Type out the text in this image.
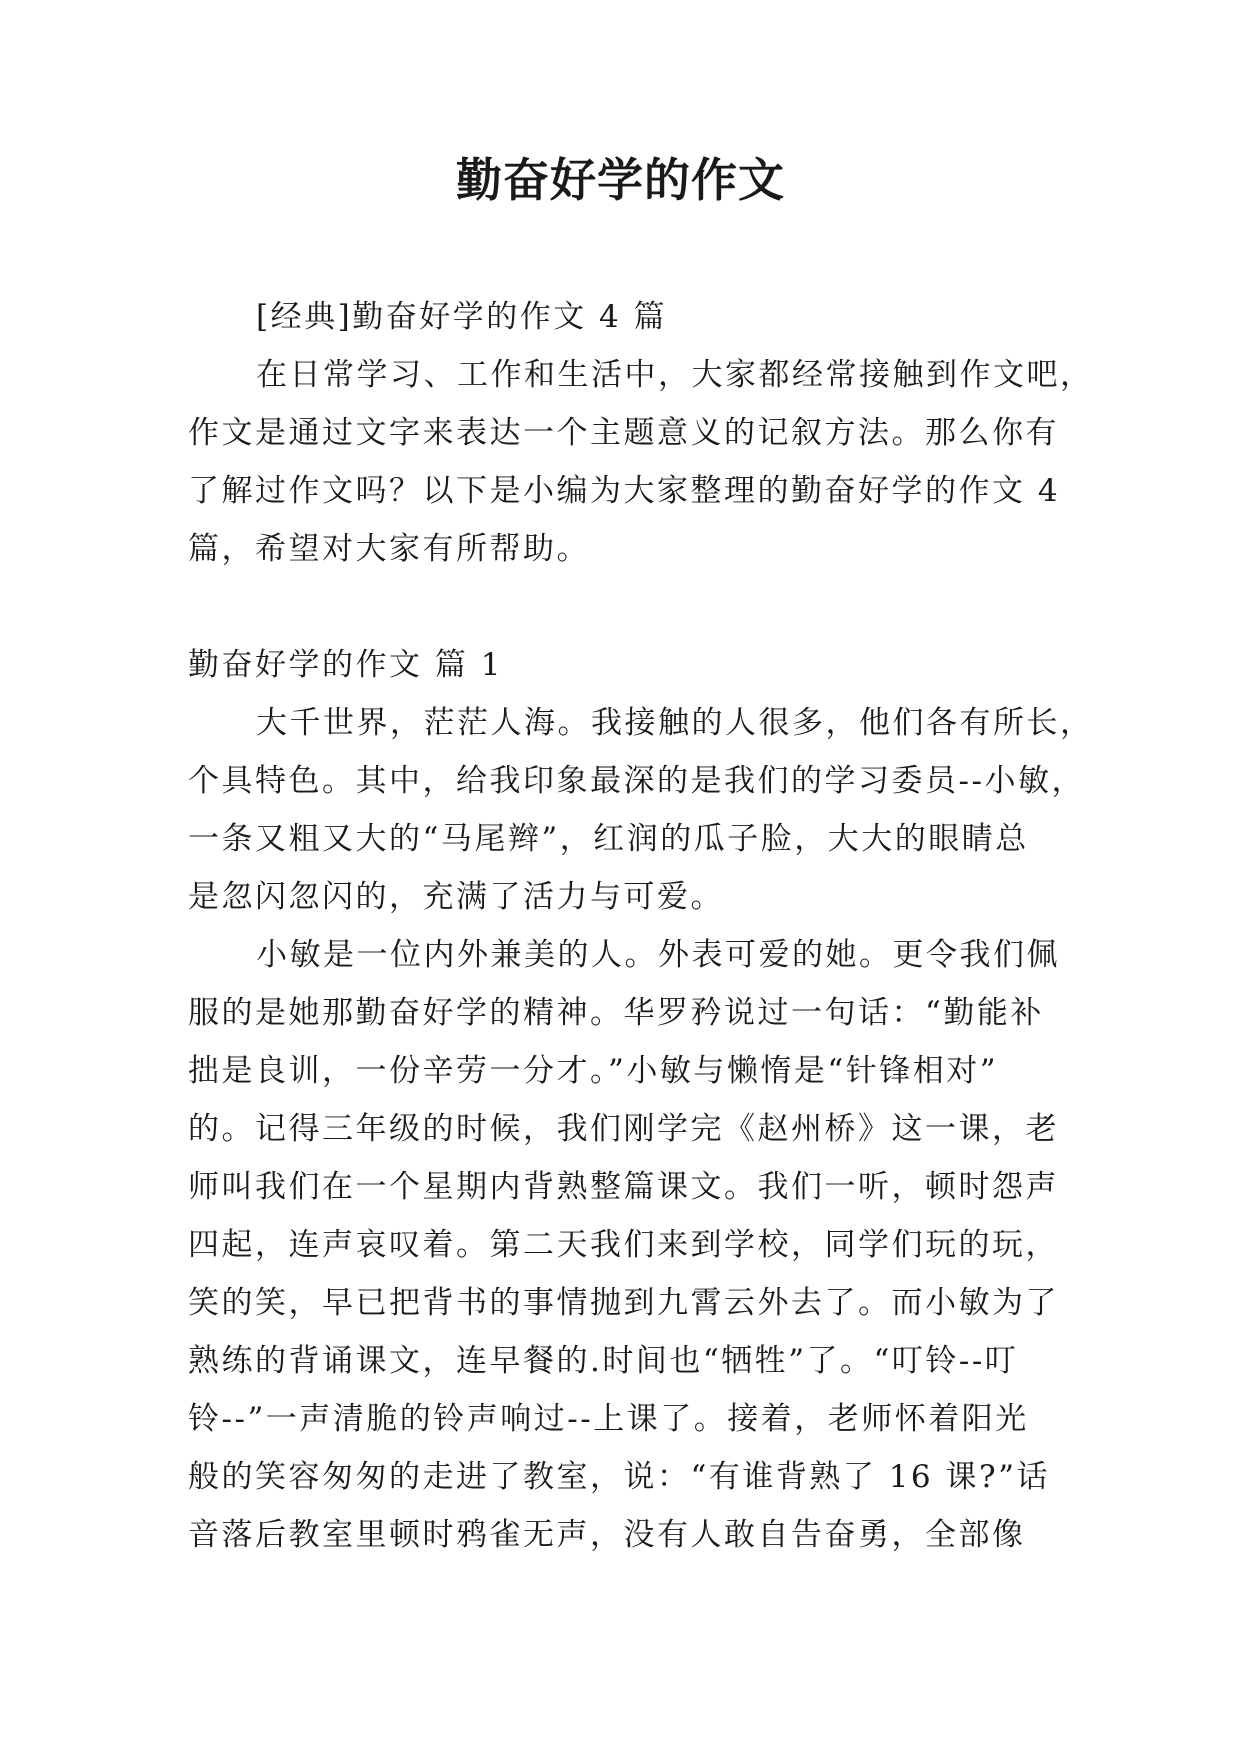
勤奋好学的作文
[经典]勤奋好学的作文 4 篇
在日常学习、工作和生活中，大家都经常接触到作文吧，
作文是通过文字来表达一个主题意义的记叙方法。那么你有
了解过作文吗？以下是小编为大家整理的勤奋好学的作文 4
篇，希望对大家有所帮助。
勤奋好学的作文 篇 1
大千世界，茫茫人海。我接触的人很多，他们各有所长，
个具特色。其中，给我印象最深的是我们的学习委员--小敏，
一条又粗又大的“马尾辫”，红润的瓜子脸，大大的眼睛总
是忽闪忽闪的，充满了活力与可爱。
小敏是一位内外兼美的人。外表可爱的她。更令我们佩
服的是她那勤奋好学的精神。华罗矜说过一句话：“勤能补
拙是良训，一份辛劳一分才。”小敏与懒惰是“针锋相对”
的。记得三年级的时候，我们刚学完《赵州桥》这一课，老
师叫我们在一个星期内背熟整篇课文。我们一听，顿时怨声
四起，连声哀叹着。第二天我们来到学校，同学们玩的玩，
笑的笑，早已把背书的事情抛到九霄云外去了。而小敏为了
熟练的背诵课文，连早餐的.时间也“牺牲”了。“叮铃--叮
铃--”一声清脆的铃声响过--上课了。接着，老师怀着阳光
般的笑容匆匆的走进了教室，说：“有谁背熟了 16 课?”话
音落后教室里顿时鸦雀无声，没有人敢自告奋勇，全部像
